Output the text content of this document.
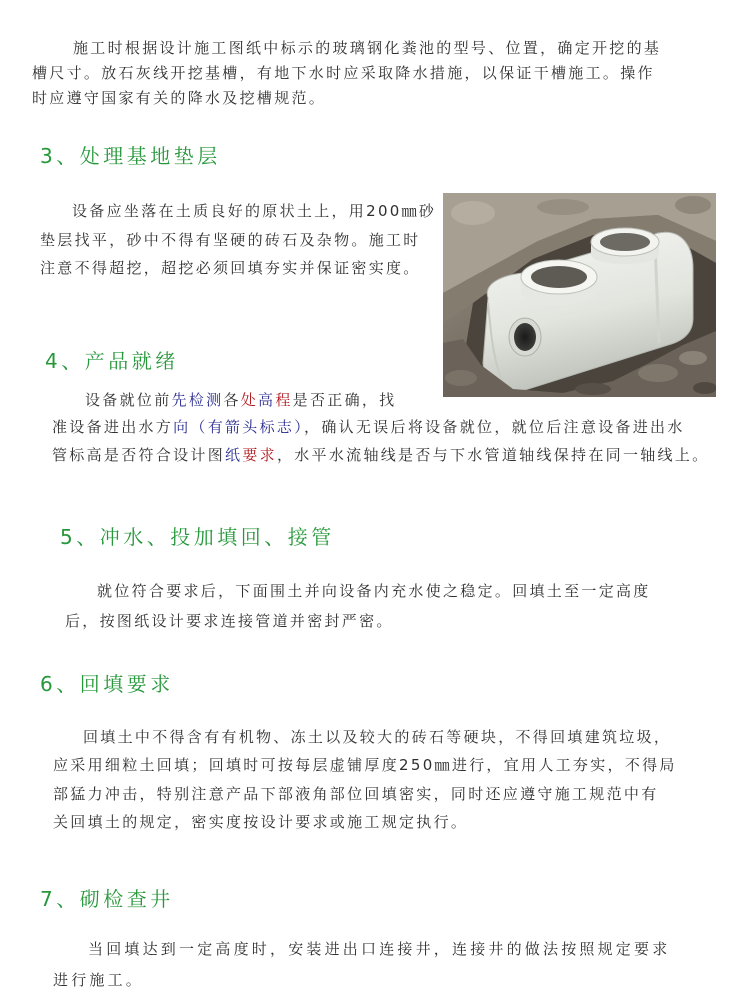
施工时根据设计施工图纸中标示的玻璃钢化粪池的型号、位置，确定开挖的基
槽尺寸。放石灰线开挖基槽，有地下水时应采取降水措施，以保证干槽施工。操作
时应遵守国家有关的降水及挖槽规范。
3、处理基地垫层
设备应坐落在土质良好的原状土上，用200㎜砂
垫层找平，砂中不得有坚硬的砖石及杂物。施工时
注意不得超挖，超挖必须回填夯实并保证密实度。
4、产品就绪
设备就位前先检测各处高程是否正确，找
准设备进出水方向（有箭头标志），确认无误后将设备就位，就位后注意设备进出水
管标高是否符合设计图纸要求，水平水流轴线是否与下水管道轴线保持在同一轴线上。
5、冲水、投加填回、接管
就位符合要求后，下面围土并向设备内充水使之稳定。回填土至一定高度
后，按图纸设计要求连接管道并密封严密。
6、回填要求
回填土中不得含有有机物、冻土以及较大的砖石等硬块，不得回填建筑垃圾，
应采用细粒土回填；回填时可按每层虚铺厚度250㎜进行，宜用人工夯实，不得局
部猛力冲击，特别注意产品下部液角部位回填密实，同时还应遵守施工规范中有
关回填土的规定，密实度按设计要求或施工规定执行。
7、砌检查井
当回填达到一定高度时，安装进出口连接井，连接井的做法按照规定要求
进行施工。
